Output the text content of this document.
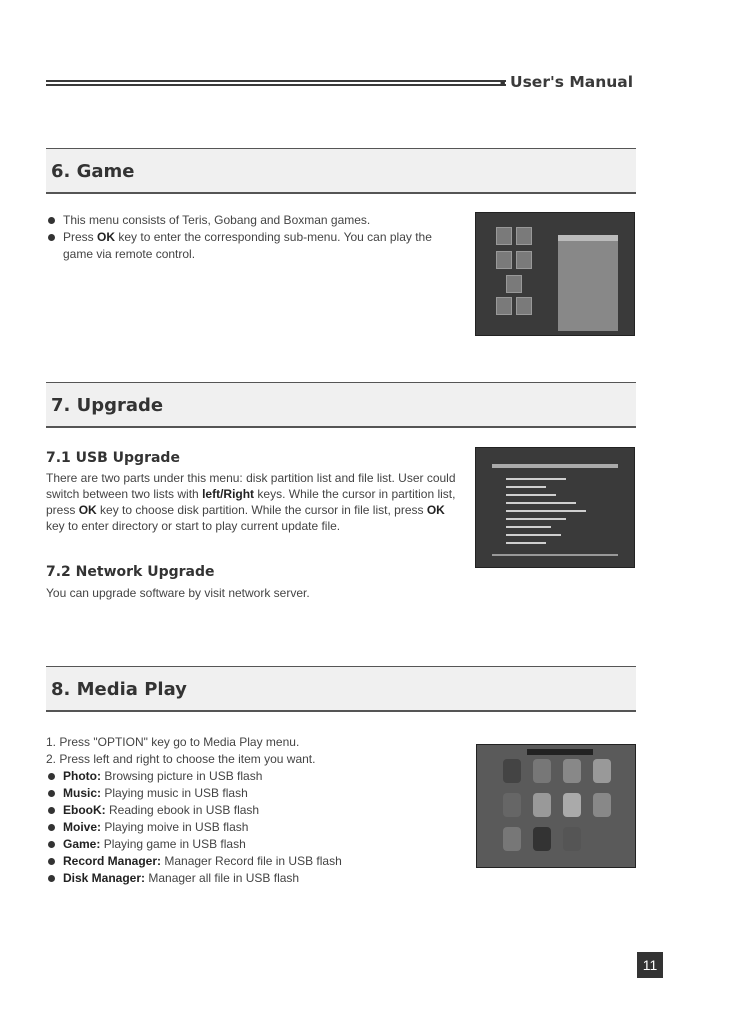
■ User's Manual
6. Game
This menu consists of Teris, Gobang and Boxman games.
Press OK key to enter the corresponding sub-menu. You can play the game via remote control.
7. Upgrade
7.1 USB Upgrade
There are two parts under this menu: disk partition list and file list. User could switch between two lists with left/Right keys. While the cursor in partition list, press OK key to choose disk partition. While the cursor in file list, press OK key to enter directory or start to play current update file.
7.2 Network Upgrade
You can upgrade software by visit network server.
8. Media Play
1. Press "OPTION" key go to Media Play menu.
2. Press left and right to choose the item you want.
Photo: Browsing picture in USB flash
Music: Playing music in USB flash
EbooK: Reading ebook in USB flash
Moive: Playing moive in USB flash
Game: Playing game in USB flash
Record Manager: Manager Record file in USB flash
Disk Manager: Manager all file in USB flash
11
